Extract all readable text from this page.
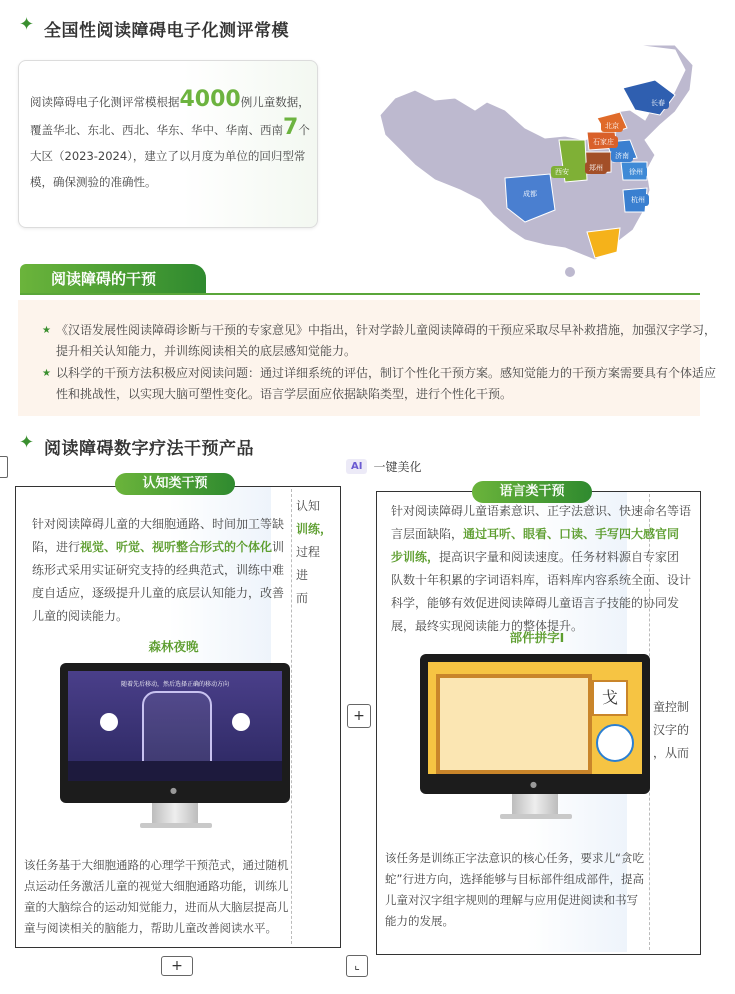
✦ 全国性阅读障碍电子化测评常模
阅读障碍电子化测评常模根据4000例儿童数据，覆盖华北、东北、西北、华东、华中、华南、西南7个大区（2023-2024），建立了以月度为单位的回归型常模，确保测验的准确性。
长春
北京
石家庄
济南
郑州
西安	徐州
成都
杭州
★ 《汉语发展性阅读障碍诊断与干预的专家意见》中指出，针对学龄儿童阅读障碍的干预应采取尽早补救措施，加强汉字学习，提升相关认知能力，并训练阅读相关的底层感知觉能力。
★ 以科学的干预方法积极应对阅读问题：通过详细系统的评估，制订个性化干预方案。感知觉能力的干预方案需要具有个体适应性和挑战性，以实现大脑可塑性变化。语言学层面应依据缺陷类型，进行个性化干预。
阅读障碍的干预
✦ 阅读障碍数字疗法干预产品
AI 一键美化
针对阅读障碍儿童的大细胞通路、时间加工等缺陷，进行视觉、听觉、视听整合形式的个体化训练形式采用实证研究支持的经典范式，训练中难度自适应，逐级提升儿童的底层认知能力，改善儿童的阅读能力。
认知
训练，
过程
进
而
森林夜晚
随着先后移动，然后选择正确的移动方向
●
该任务基于大细胞通路的心理学干预范式，通过随机点运动任务激活儿童的视觉大细胞通路功能，训练儿童的大脑综合的运动知觉能力，进而从大脑层提高儿童与阅读相关的脑能力，帮助儿童改善阅读水平。
认知类干预
针对阅读障碍儿童语素意识、正字法意识、快速命名等语言层面缺陷，通过耳听、眼看、口读、手写四大感官同步训练，提高识字量和阅读速度。任务材料源自专家团队数十年积累的字词语料库，语料库内容系统全面、设计科学，能够有效促进阅读障碍儿童语言子技能的协同发展，最终实现阅读能力的整体提升。
部件拼字Ⅰ
戈
●
童控制
汉字的
，从而
该任务是训练正字法意识的核心任务，要求儿“贪吃蛇”行进方向，选择能够与目标部件组成部件，提高儿童对汉字组字规则的理解与应用促进阅读和书写能力的发展。
语言类干预
+
+	⌞
